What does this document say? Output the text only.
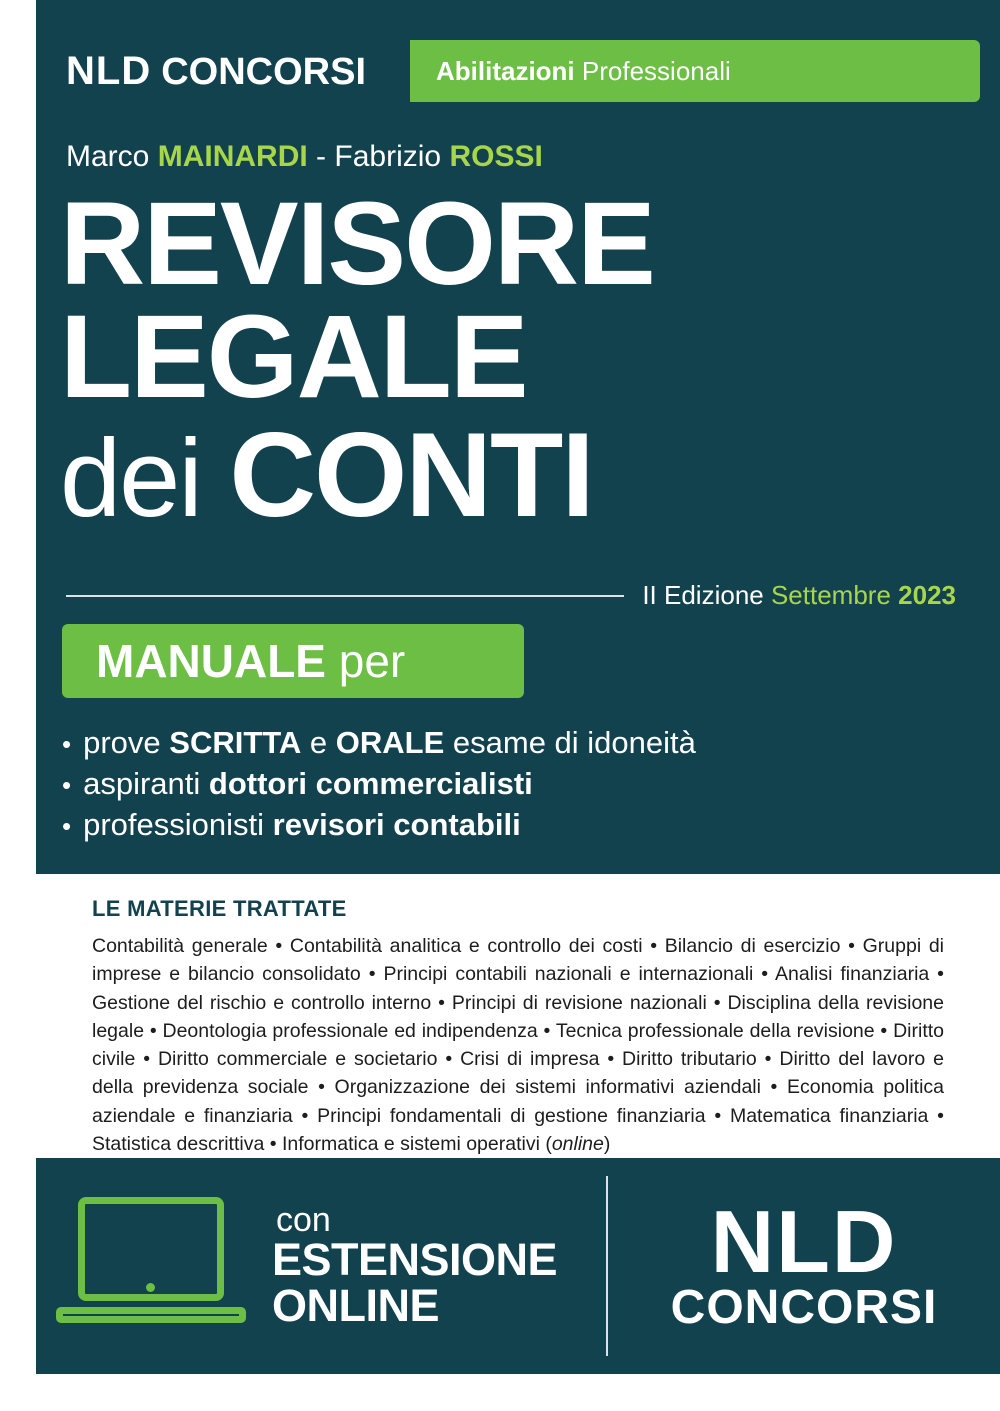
NLD CONCORSI	Abilitazioni Professionali
Marco MAINARDI - Fabrizio ROSSI
REVISORE
LEGALE
dei CONTI
II Edizione Settembre 2023
MANUALE per
• prove SCRITTA e ORALE esame di idoneità
• aspiranti dottori commercialisti
• professionisti revisori contabili
LE MATERIE TRATTATE
Contabilità generale • Contabilità analitica e controllo dei costi • Bilancio di esercizio • Gruppi di imprese e bilancio consolidato • Principi contabili nazionali e internazionali • Analisi finanziaria • Gestione del rischio e controllo interno • Principi di revisione nazionali • Disciplina della revisione legale • Deontologia professionale ed indipendenza • Tecnica professionale della revisione • Diritto civile • Diritto commerciale e societario • Crisi di impresa • Diritto tributario • Diritto del lavoro e della previdenza sociale • Organizzazione dei sistemi informativi aziendali • Economia politica aziendale e finanziaria • Principi fondamentali di gestione finanziaria • Matematica finanziaria • Statistica descrittiva • Informatica e sistemi operativi (online)
con
ESTENSIONE
ONLINE
NLD
CONCORSI
